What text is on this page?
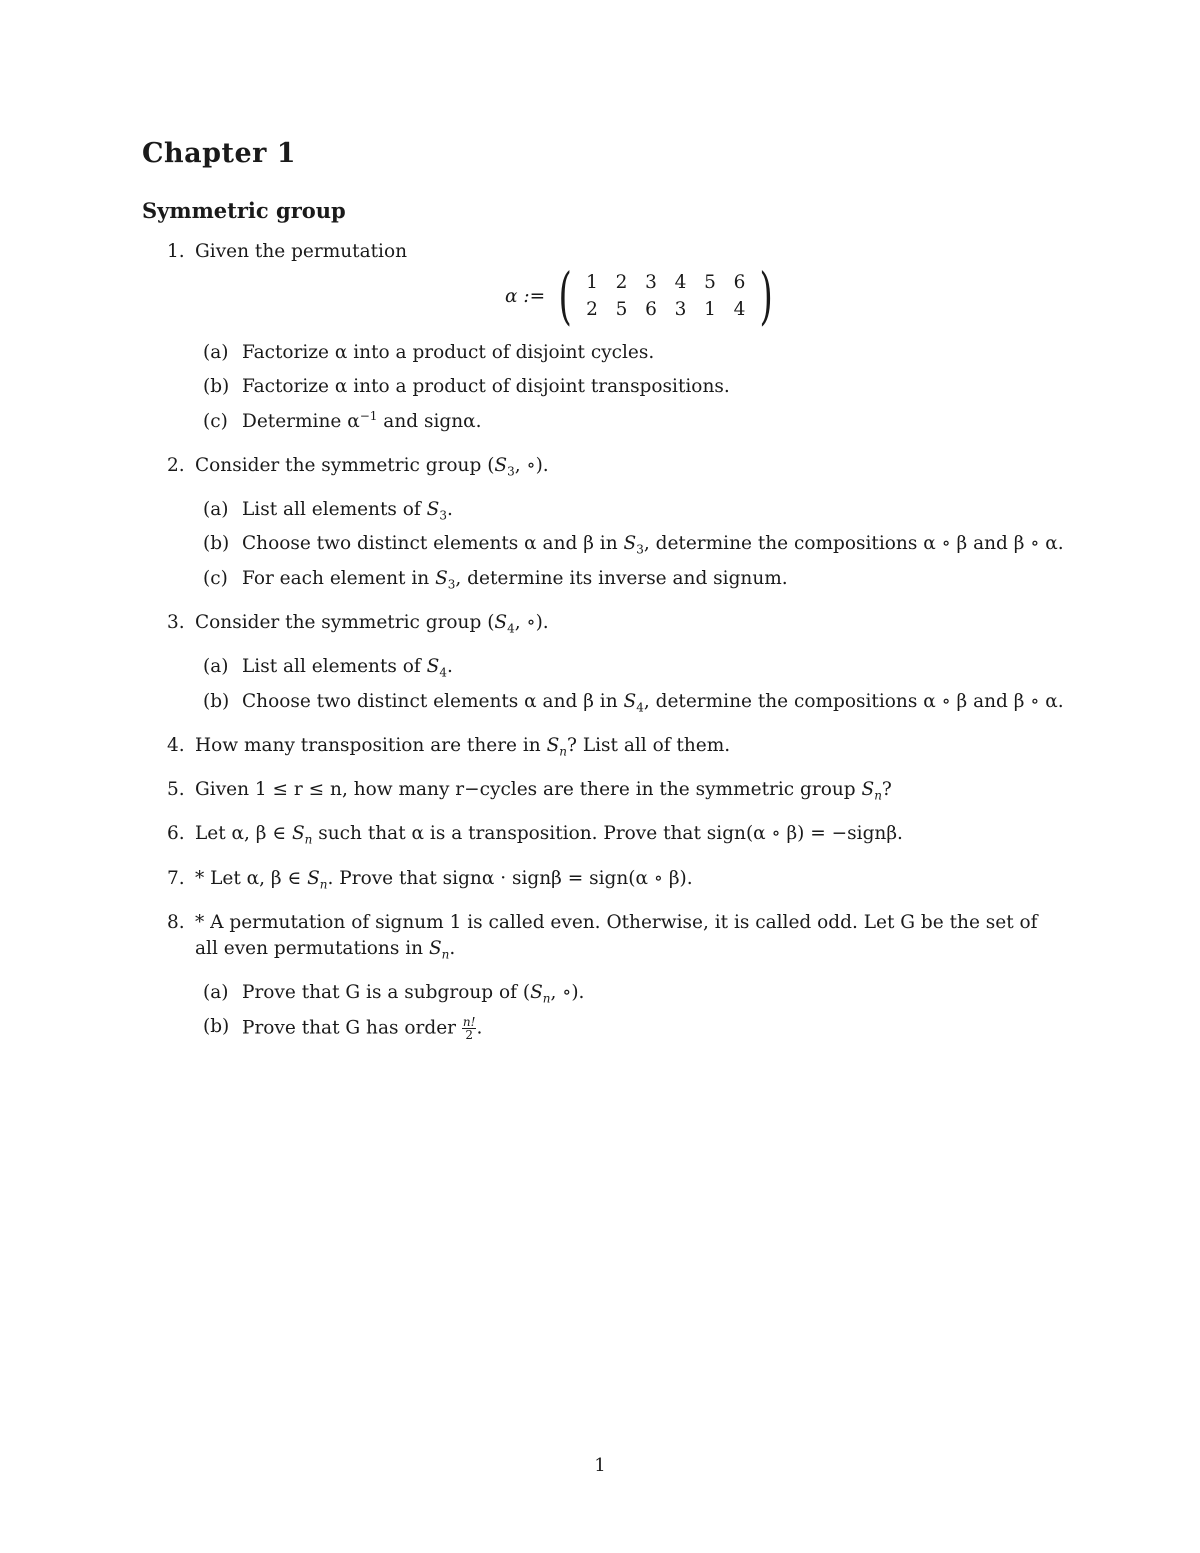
Chapter 1
Symmetric group
1. Given the permutation
α := ( 1 2 3 4 5 6
2 5 6 3 1 4 )
(a) Factorize α into a product of disjoint cycles.
(b) Factorize α into a product of disjoint transpositions.
(c) Determine $\alpha^{-1}$ and signα.
2. Consider the symmetric group ($S_3$, ∘).
(a) List all elements of $S_3$.
(b) Choose two distinct elements α and β in $S_3$, determine the compositions α ∘ β and β ∘ α.
(c) For each element in $S_3$, determine its inverse and signum.
3. Consider the symmetric group ($S_4$, ∘).
(a) List all elements of $S_4$.
(b) Choose two distinct elements α and β in $S_4$, determine the compositions α ∘ β and β ∘ α.
4. How many transposition are there in $S_n$? List all of them.
5. Given 1 ≤ r ≤ n, how many r−cycles are there in the symmetric group $S_n$?
6. Let α, β ∈ $S_n$ such that α is a transposition. Prove that sign(α ∘ β) = −signβ.
7. * Let α, β ∈ $S_n$. Prove that signα · signβ = sign(α ∘ β).
8. * A permutation of signum 1 is called even. Otherwise, it is called odd. Let G be the set of
all even permutations in $S_n$.
(a) Prove that G is a subgroup of ($S_n$, ∘).
(b) Prove that G has order $\frac{n!}{2}$ .
1
